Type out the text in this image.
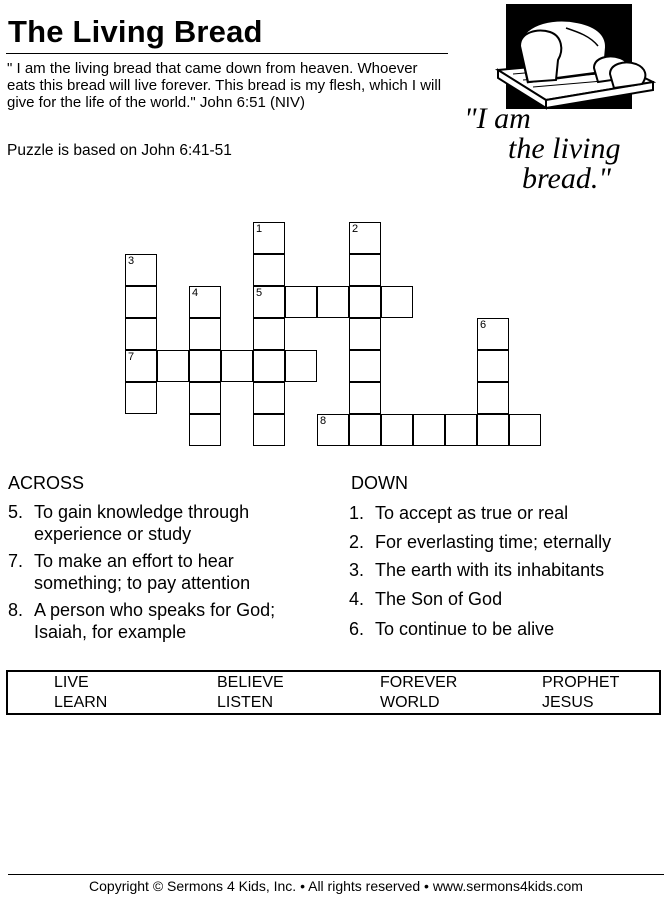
The Living Bread
" I am the living bread that came down from heaven. Whoever eats this bread will live forever. This bread is my flesh, which I will give for the life of the world." John 6:51 (NIV)
Puzzle is based on John 6:41-51
"I am
the living
bread."
1	2
3
4	5
6
7
8
ACROSS	DOWN
5. To gain knowledge through
experience or study
7. To make an effort to hear
something; to pay attention
8. A person who speaks for God;
Isaiah, for example
1. To accept as true or real
2. For everlasting time; eternally
3. The earth with its inhabitants
4. The Son of God
6. To continue to be alive
LIVE	BELIEVE	FOREVER	PROPHET
LEARN	LISTEN	WORLD	JESUS
Copyright © Sermons 4 Kids, Inc. • All rights reserved • www.sermons4kids.com
